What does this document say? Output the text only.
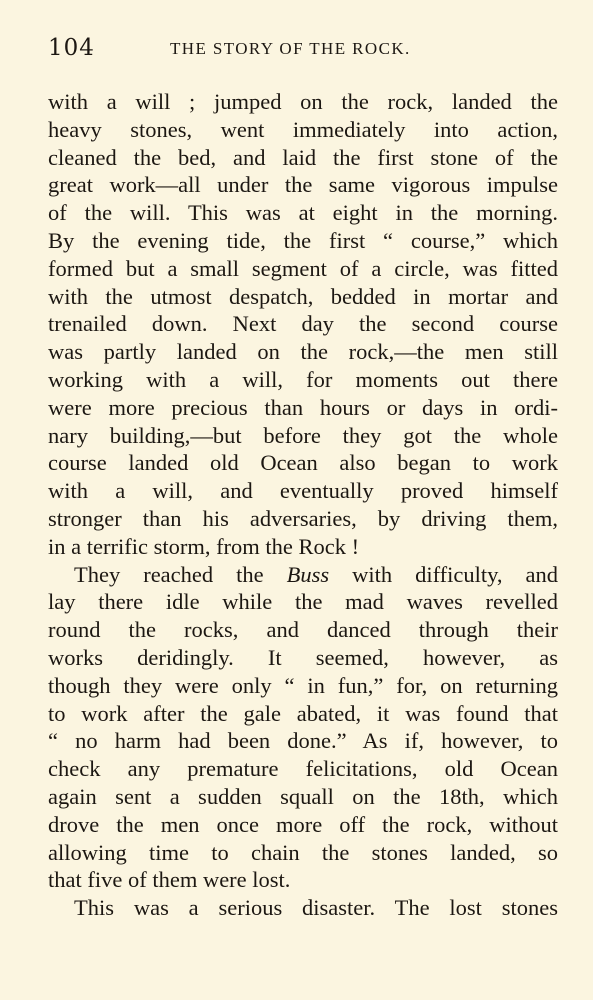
104	THE STORY OF THE ROCK.
with a will ; jumped on the rock, landed the
heavy stones, went immediately into action,
cleaned the bed, and laid the first stone of the
great work—all under the same vigorous impulse
of the will. This was at eight in the morning.
By the evening tide, the first “ course,” which
formed but a small segment of a circle, was fitted
with the utmost despatch, bedded in mortar and
trenailed down. Next day the second course
was partly landed on the rock,—the men still
working with a will, for moments out there
were more precious than hours or days in ordi-
nary building,—but before they got the whole
course landed old Ocean also began to work
with a will, and eventually proved himself
stronger than his adversaries, by driving them,
in a terrific storm, from the Rock !
They reached the Buss with difficulty, and
lay there idle while the mad waves revelled
round the rocks, and danced through their
works deridingly. It seemed, however, as
though they were only “ in fun,” for, on returning
to work after the gale abated, it was found that
“ no harm had been done.” As if, however, to
check any premature felicitations, old Ocean
again sent a sudden squall on the 18th, which
drove the men once more off the rock, without
allowing time to chain the stones landed, so
that five of them were lost.
This was a serious disaster. The lost stones
